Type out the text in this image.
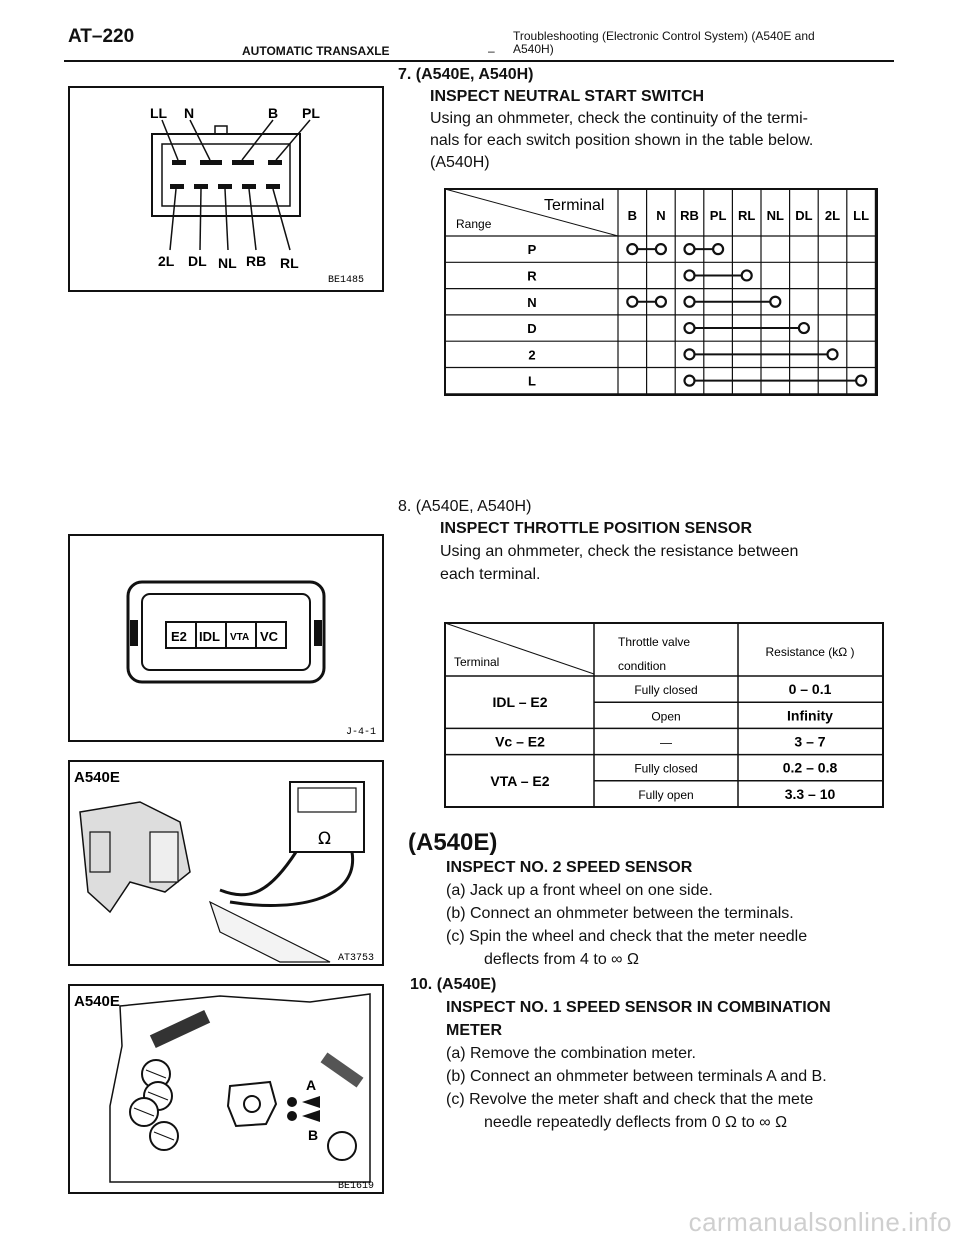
AT–220	Troubleshooting (Electronic Control System) (A540E and A540H)
AUTOMATIC TRANSAXLE	–
7. (A540E, A540H)
INSPECT NEUTRAL START SWITCH
Using an ohmmeter, check the continuity of the termi-
nals for each switch position shown in the table below.
(A540H)
LL N	B PL
2L DL NL RB RL
BE1485
Terminal
Range
B N RB PL RL NL DL 2L LL
P
R
N
D
2
L
8. (A540E, A540H)
INSPECT THROTTLE POSITION SENSOR
Using an ohmmeter, check the resistance between
each terminal.
E2 IDL VTA VC
J-4-1
Terminal
Throttle valve
condition
Resistance (kΩ )
IDL – E2
Fully closed	0 – 0.1
Open	Infinity
Vc – E2	—	3 – 7
VTA – E2
Fully closed	0.2 – 0.8
Fully open	3.3 – 10
A540E
Ω
AT3753
(A540E)
INSPECT NO. 2 SPEED SENSOR
(a) Jack up a front wheel on one side.
(b) Connect an ohmmeter between the terminals.
(c) Spin the wheel and check that the meter needle
deflects from 4 to ∞ Ω
10. (A540E)
INSPECT NO. 1 SPEED SENSOR IN COMBINATION
METER
(a) Remove the combination meter.
(b) Connect an ohmmeter between terminals A and B.
(c) Revolve the meter shaft and check that the mete
needle repeatedly deflects from 0 Ω to ∞ Ω
A540E
A
B
BE1619
carmanualsonline.info
